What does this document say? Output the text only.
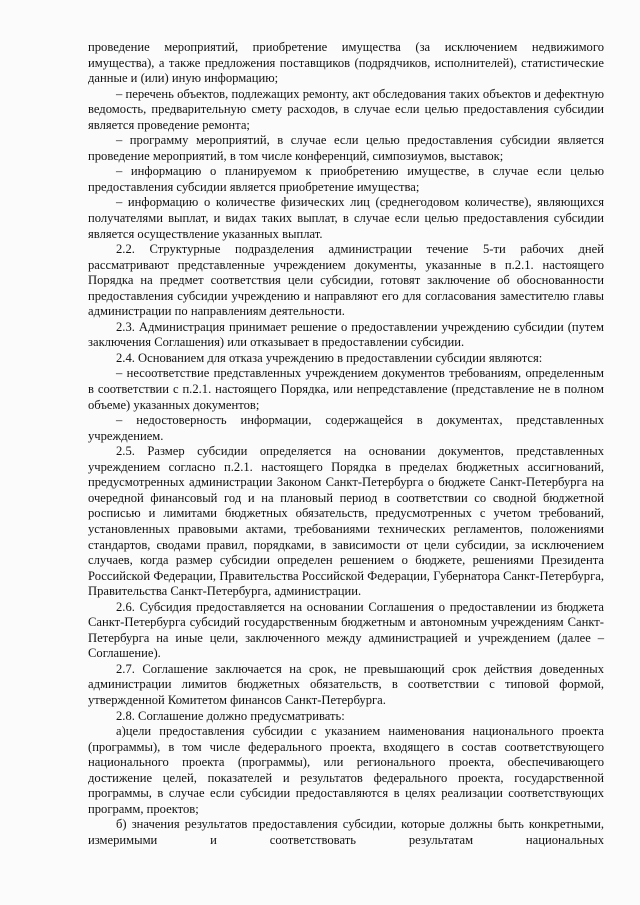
проведение мероприятий, приобретение имущества (за исключением недвижимого имущества), а также предложения поставщиков (подрядчиков, исполнителей), статистические данные и (или) иную информацию;

– перечень объектов, подлежащих ремонту, акт обследования таких объектов и дефектную ведомость, предварительную смету расходов, в случае если целью предоставления субсидии является проведение ремонта;

– программу мероприятий, в случае если целью предоставления субсидии является проведение мероприятий, в том числе конференций, симпозиумов, выставок;

– информацию о планируемом к приобретению имуществе, в случае если целью предоставления субсидии является приобретение имущества;

– информацию о количестве физических лиц (среднегодовом количестве), являющихся получателями выплат, и видах таких выплат, в случае если целью предоставления субсидии является осуществление указанных выплат.

2.2. Структурные подразделения администрации течение 5-ти рабочих дней рассматривают представленные учреждением документы, указанные в п.2.1. настоящего Порядка на предмет соответствия цели субсидии, готовят заключение об обоснованности предоставления субсидии учреждению и направляют его для согласования заместителю главы администрации по направлениям деятельности.

2.3. Администрация принимает решение о предоставлении учреждению субсидии (путем заключения Соглашения) или отказывает в предоставлении субсидии.

2.4. Основанием для отказа учреждению в предоставлении субсидии являются:

– несоответствие представленных учреждением документов требованиям, определенным в соответствии с п.2.1. настоящего Порядка, или непредставление (представление не в полном объеме) указанных документов;

– недостоверность информации, содержащейся в документах, представленных учреждением.

2.5. Размер субсидии определяется на основании документов, представленных учреждением согласно п.2.1. настоящего Порядка в пределах бюджетных ассигнований, предусмотренных администрации Законом Санкт-Петербурга о бюджете Санкт-Петербурга на очередной финансовый год и на плановый период в соответствии со сводной бюджетной росписью и лимитами бюджетных обязательств, предусмотренных с учетом требований, установленных правовыми актами, требованиями технических регламентов, положениями стандартов, сводами правил, порядками, в зависимости от цели субсидии, за исключением случаев, когда размер субсидии определен решением о бюджете, решениями Президента Российской Федерации, Правительства Российской Федерации, Губернатора Санкт-Петербурга, Правительства Санкт-Петербурга, администрации.

2.6. Субсидия предоставляется на основании Соглашения о предоставлении из бюджета Санкт-Петербурга субсидий государственным бюджетным и автономным учреждениям Санкт-Петербурга на иные цели, заключенного между администрацией и учреждением (далее – Соглашение).

2.7. Соглашение заключается на срок, не превышающий срок действия доведенных администрации лимитов бюджетных обязательств, в соответствии с типовой формой, утвержденной Комитетом финансов Санкт-Петербурга.

2.8. Соглашение должно предусматривать:

а)цели предоставления субсидии с указанием наименования национального проекта (программы), в том числе федерального проекта, входящего в состав соответствующего национального проекта (программы), или регионального проекта, обеспечивающего достижение целей, показателей и результатов федерального проекта, государственной программы, в случае если субсидии предоставляются в целях реализации соответствующих программ, проектов;

б) значения результатов предоставления субсидии, которые должны быть конкретными, измеримыми и соответствовать результатам национальных
